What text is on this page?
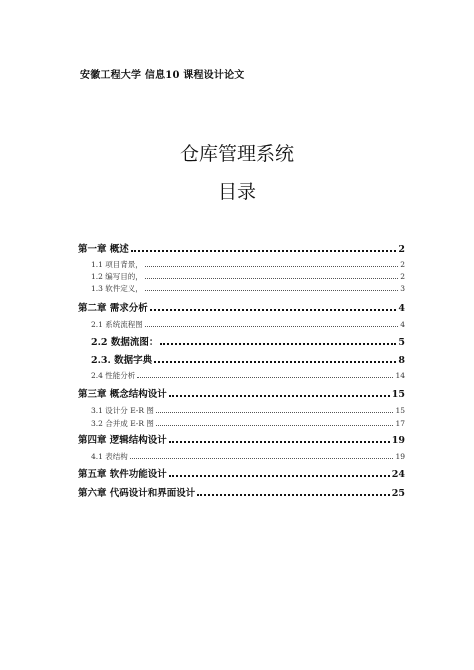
安徽工程大学 信息10 课程设计论文
仓库管理系统
目录
第一章 概述	2
1.1 项目背景，	2
1.2 编写目的，	2
1.3 软件定义，	3
第二章 需求分析	4
2.1 系统流程图	4
2.2 数据流图：	5
2.3. 数据字典	8
2.4 性能分析	14
第三章 概念结构设计	15
3.1 设计分 E-R 图	15
3.2 合并成 E-R 图	17
第四章 逻辑结构设计	19
4.1 表结构	19
第五章 软件功能设计	24
第六章 代码设计和界面设计	25
